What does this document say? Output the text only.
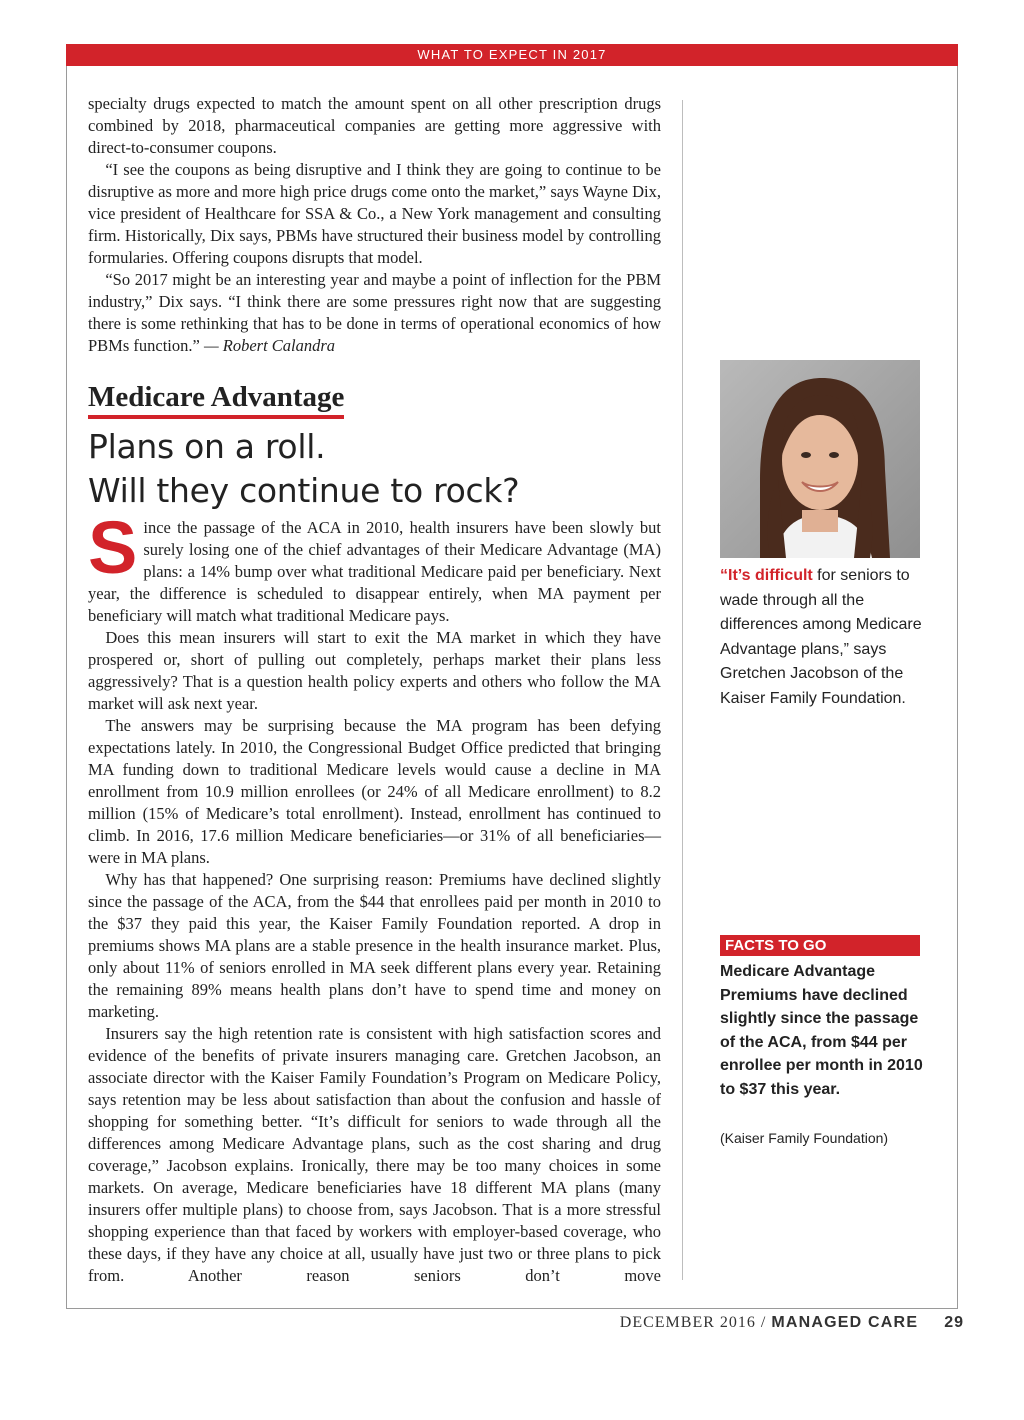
WHAT TO EXPECT IN 2017

specialty drugs expected to match the amount spent on all other prescription drugs combined by 2018, pharmaceutical companies are getting more aggressive with direct-to-consumer coupons.

“I see the coupons as being disruptive and I think they are going to continue to be disruptive as more and more high price drugs come onto the market,” says Wayne Dix, vice president of Healthcare for SSA & Co., a New York management and consulting firm. Historically, Dix says, PBMs have structured their business model by controlling formularies. Offering coupons disrupts that model.

“So 2017 might be an interesting year and maybe a point of inflection for the PBM industry,” Dix says. “I think there are some pressures right now that are suggesting there is some rethinking that has to be done in terms of operational economics of how PBMs function.” — Robert Calandra

Medicare Advantage
Plans on a roll.
Will they continue to rock?

Since the passage of the ACA in 2010, health insurers have been slowly but surely losing one of the chief advantages of their Medicare Advantage (MA) plans: a 14% bump over what traditional Medicare paid per beneficiary. Next year, the difference is scheduled to disappear entirely, when MA payment per beneficiary will match what traditional Medicare pays.

Does this mean insurers will start to exit the MA market in which they have prospered or, short of pulling out completely, perhaps market their plans less aggressively? That is a question health policy experts and others who follow the MA market will ask next year.

The answers may be surprising because the MA program has been defying expectations lately. In 2010, the Congressional Budget Office predicted that bringing MA funding down to traditional Medicare levels would cause a decline in MA enrollment from 10.9 million enrollees (or 24% of all Medicare enrollment) to 8.2 million (15% of Medicare’s total enrollment). Instead, enrollment has continued to climb. In 2016, 17.6 million Medicare beneficiaries—or 31% of all beneficiaries—were in MA plans.

Why has that happened? One surprising reason: Premiums have declined slightly since the passage of the ACA, from the $44 that enrollees paid per month in 2010 to the $37 they paid this year, the Kaiser Family Foundation reported. A drop in premiums shows MA plans are a stable presence in the health insurance market. Plus, only about 11% of seniors enrolled in MA seek different plans every year. Retaining the remaining 89% means health plans don’t have to spend time and money on marketing.

Insurers say the high retention rate is consistent with high satisfaction scores and evidence of the benefits of private insurers managing care. Gretchen Jacobson, an associate director with the Kaiser Family Foundation’s Program on Medicare Policy, says retention may be less about satisfaction than about the confusion and hassle of shopping for something better. “It’s difficult for seniors to wade through all the differences among Medicare Advantage plans, such as the cost sharing and drug coverage,” Jacobson explains. Ironically, there may be too many choices in some markets. On average, Medicare beneficiaries have 18 different MA plans (many insurers offer multiple plans) to choose from, says Jacobson. That is a more stressful shopping experience than that faced by workers with employer-based coverage, who these days, if they have any choice at all, usually have just two or three plans to pick from. Another reason seniors don’t move

“It’s difficult for seniors to wade through all the differences among Medicare Advantage plans,” says Gretchen Jacobson of the Kaiser Family Foundation.
FACTS TO GO
Medicare Advantage Premiums have declined slightly since the passage of the ACA, from $44 per enrollee per month in 2010 to $37 this year.
(Kaiser Family Foundation)
DECEMBER 2016 / MANAGED CARE 29
